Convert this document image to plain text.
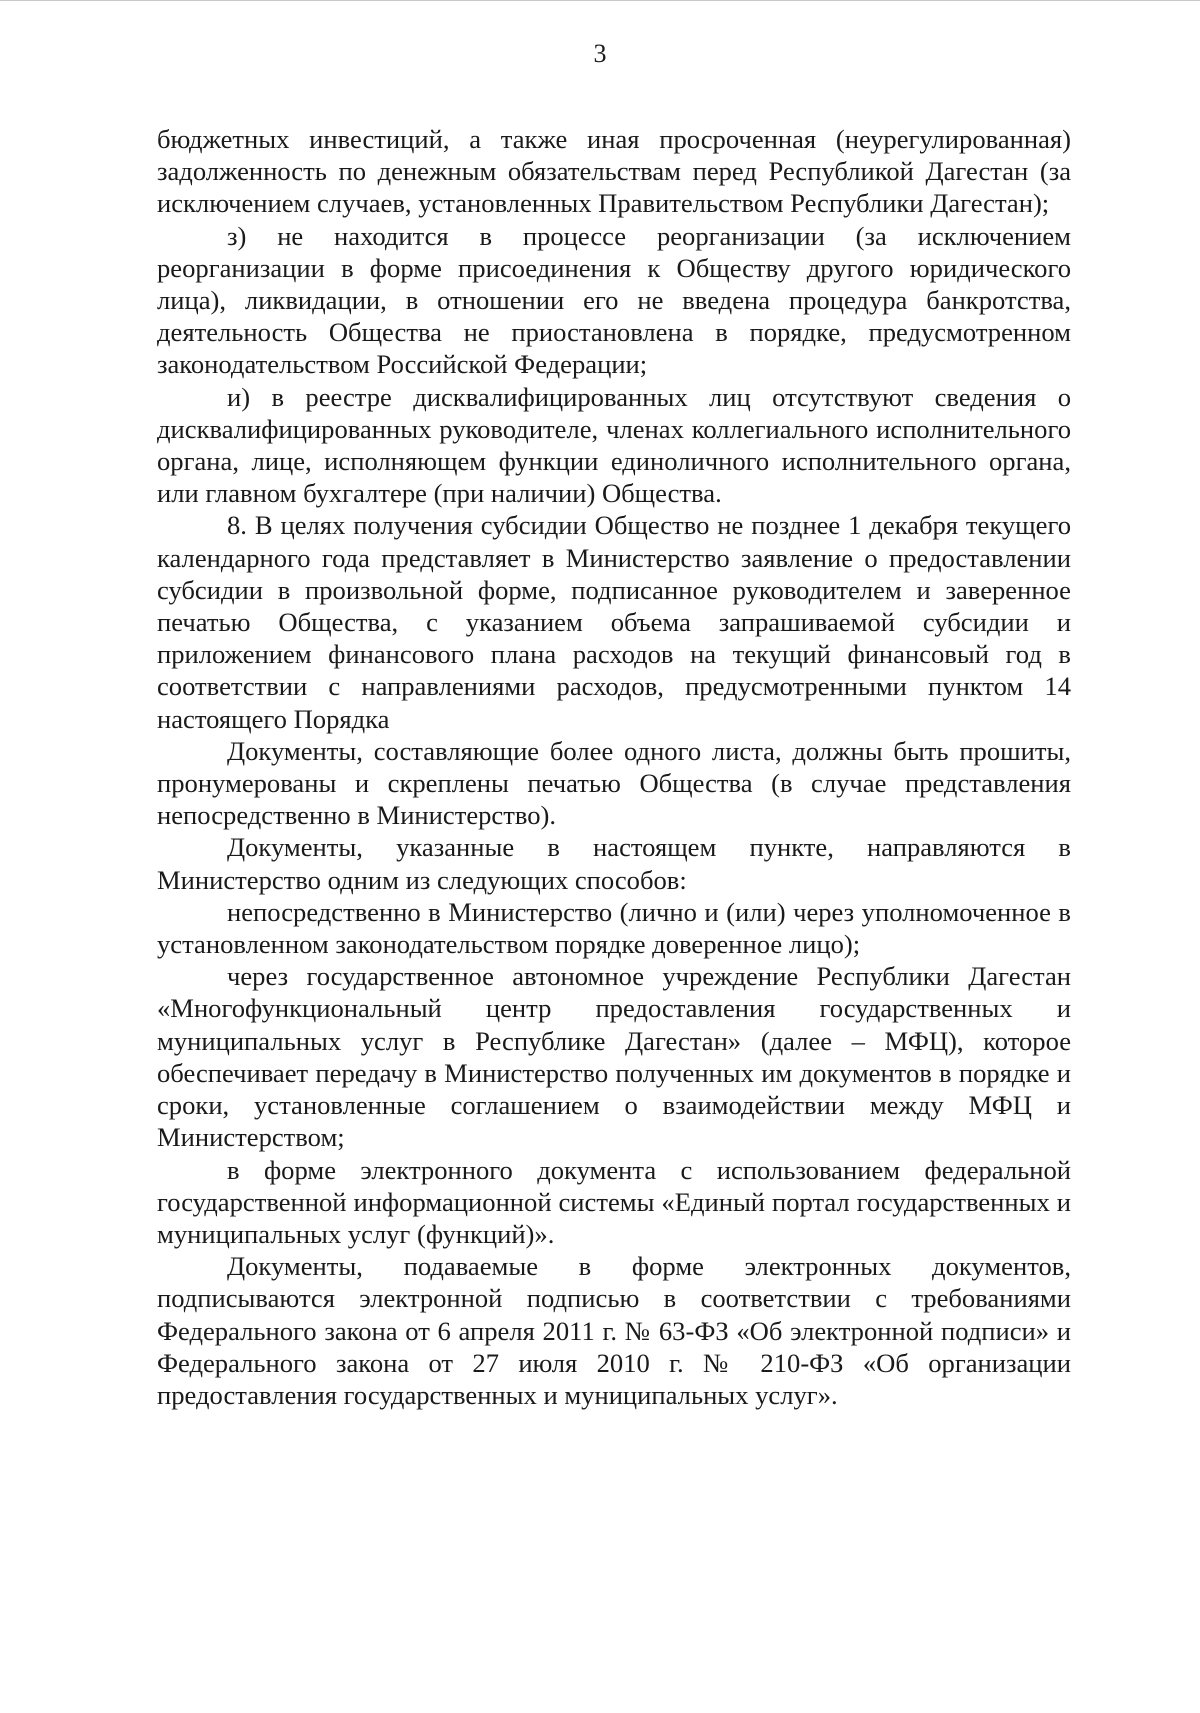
3

бюджетных инвестиций, а также иная просроченная (неурегулированная) задолженность по денежным обязательствам перед Республикой Дагестан (за исключением случаев, установленных Правительством Республики Дагестан);

з) не находится в процессе реорганизации (за исключением реорганизации в форме присоединения к Обществу другого юридического лица), ликвидации, в отношении его не введена процедура банкротства, деятельность Общества не приостановлена в порядке, предусмотренном законодательством Российской Федерации;

и) в реестре дисквалифицированных лиц отсутствуют сведения о дисквалифицированных руководителе, членах коллегиального исполнительного органа, лице, исполняющем функции единоличного исполнительного органа, или главном бухгалтере (при наличии) Общества.

8. В целях получения субсидии Общество не позднее 1 декабря текущего календарного года представляет в Министерство заявление о предоставлении субсидии в произвольной форме, подписанное руководителем и заверенное печатью Общества, с указанием объема запрашиваемой субсидии и приложением финансового плана расходов на текущий финансовый год в соответствии с направлениями расходов, предусмотренными пунктом 14 настоящего Порядка

Документы, составляющие более одного листа, должны быть прошиты, пронумерованы и скреплены печатью Общества (в случае представления непосредственно в Министерство).

Документы, указанные в настоящем пункте, направляются в Министерство одним из следующих способов:

непосредственно в Министерство (лично и (или) через уполномоченное в установленном законодательством порядке доверенное лицо);

через государственное автономное учреждение Республики Дагестан «Многофункциональный центр предоставления государственных и муниципальных услуг в Республике Дагестан» (далее – МФЦ), которое обеспечивает передачу в Министерство полученных им документов в порядке и сроки, установленные соглашением о взаимодействии между МФЦ и Министерством;

в форме электронного документа с использованием федеральной государственной информационной системы «Единый портал государственных и муниципальных услуг (функций)».

Документы, подаваемые в форме электронных документов, подписываются электронной подписью в соответствии с требованиями Федерального закона от 6 апреля 2011 г. № 63-ФЗ «Об электронной подписи» и Федерального закона от 27 июля 2010 г. № 210-ФЗ «Об организации предоставления государственных и муниципальных услуг».
